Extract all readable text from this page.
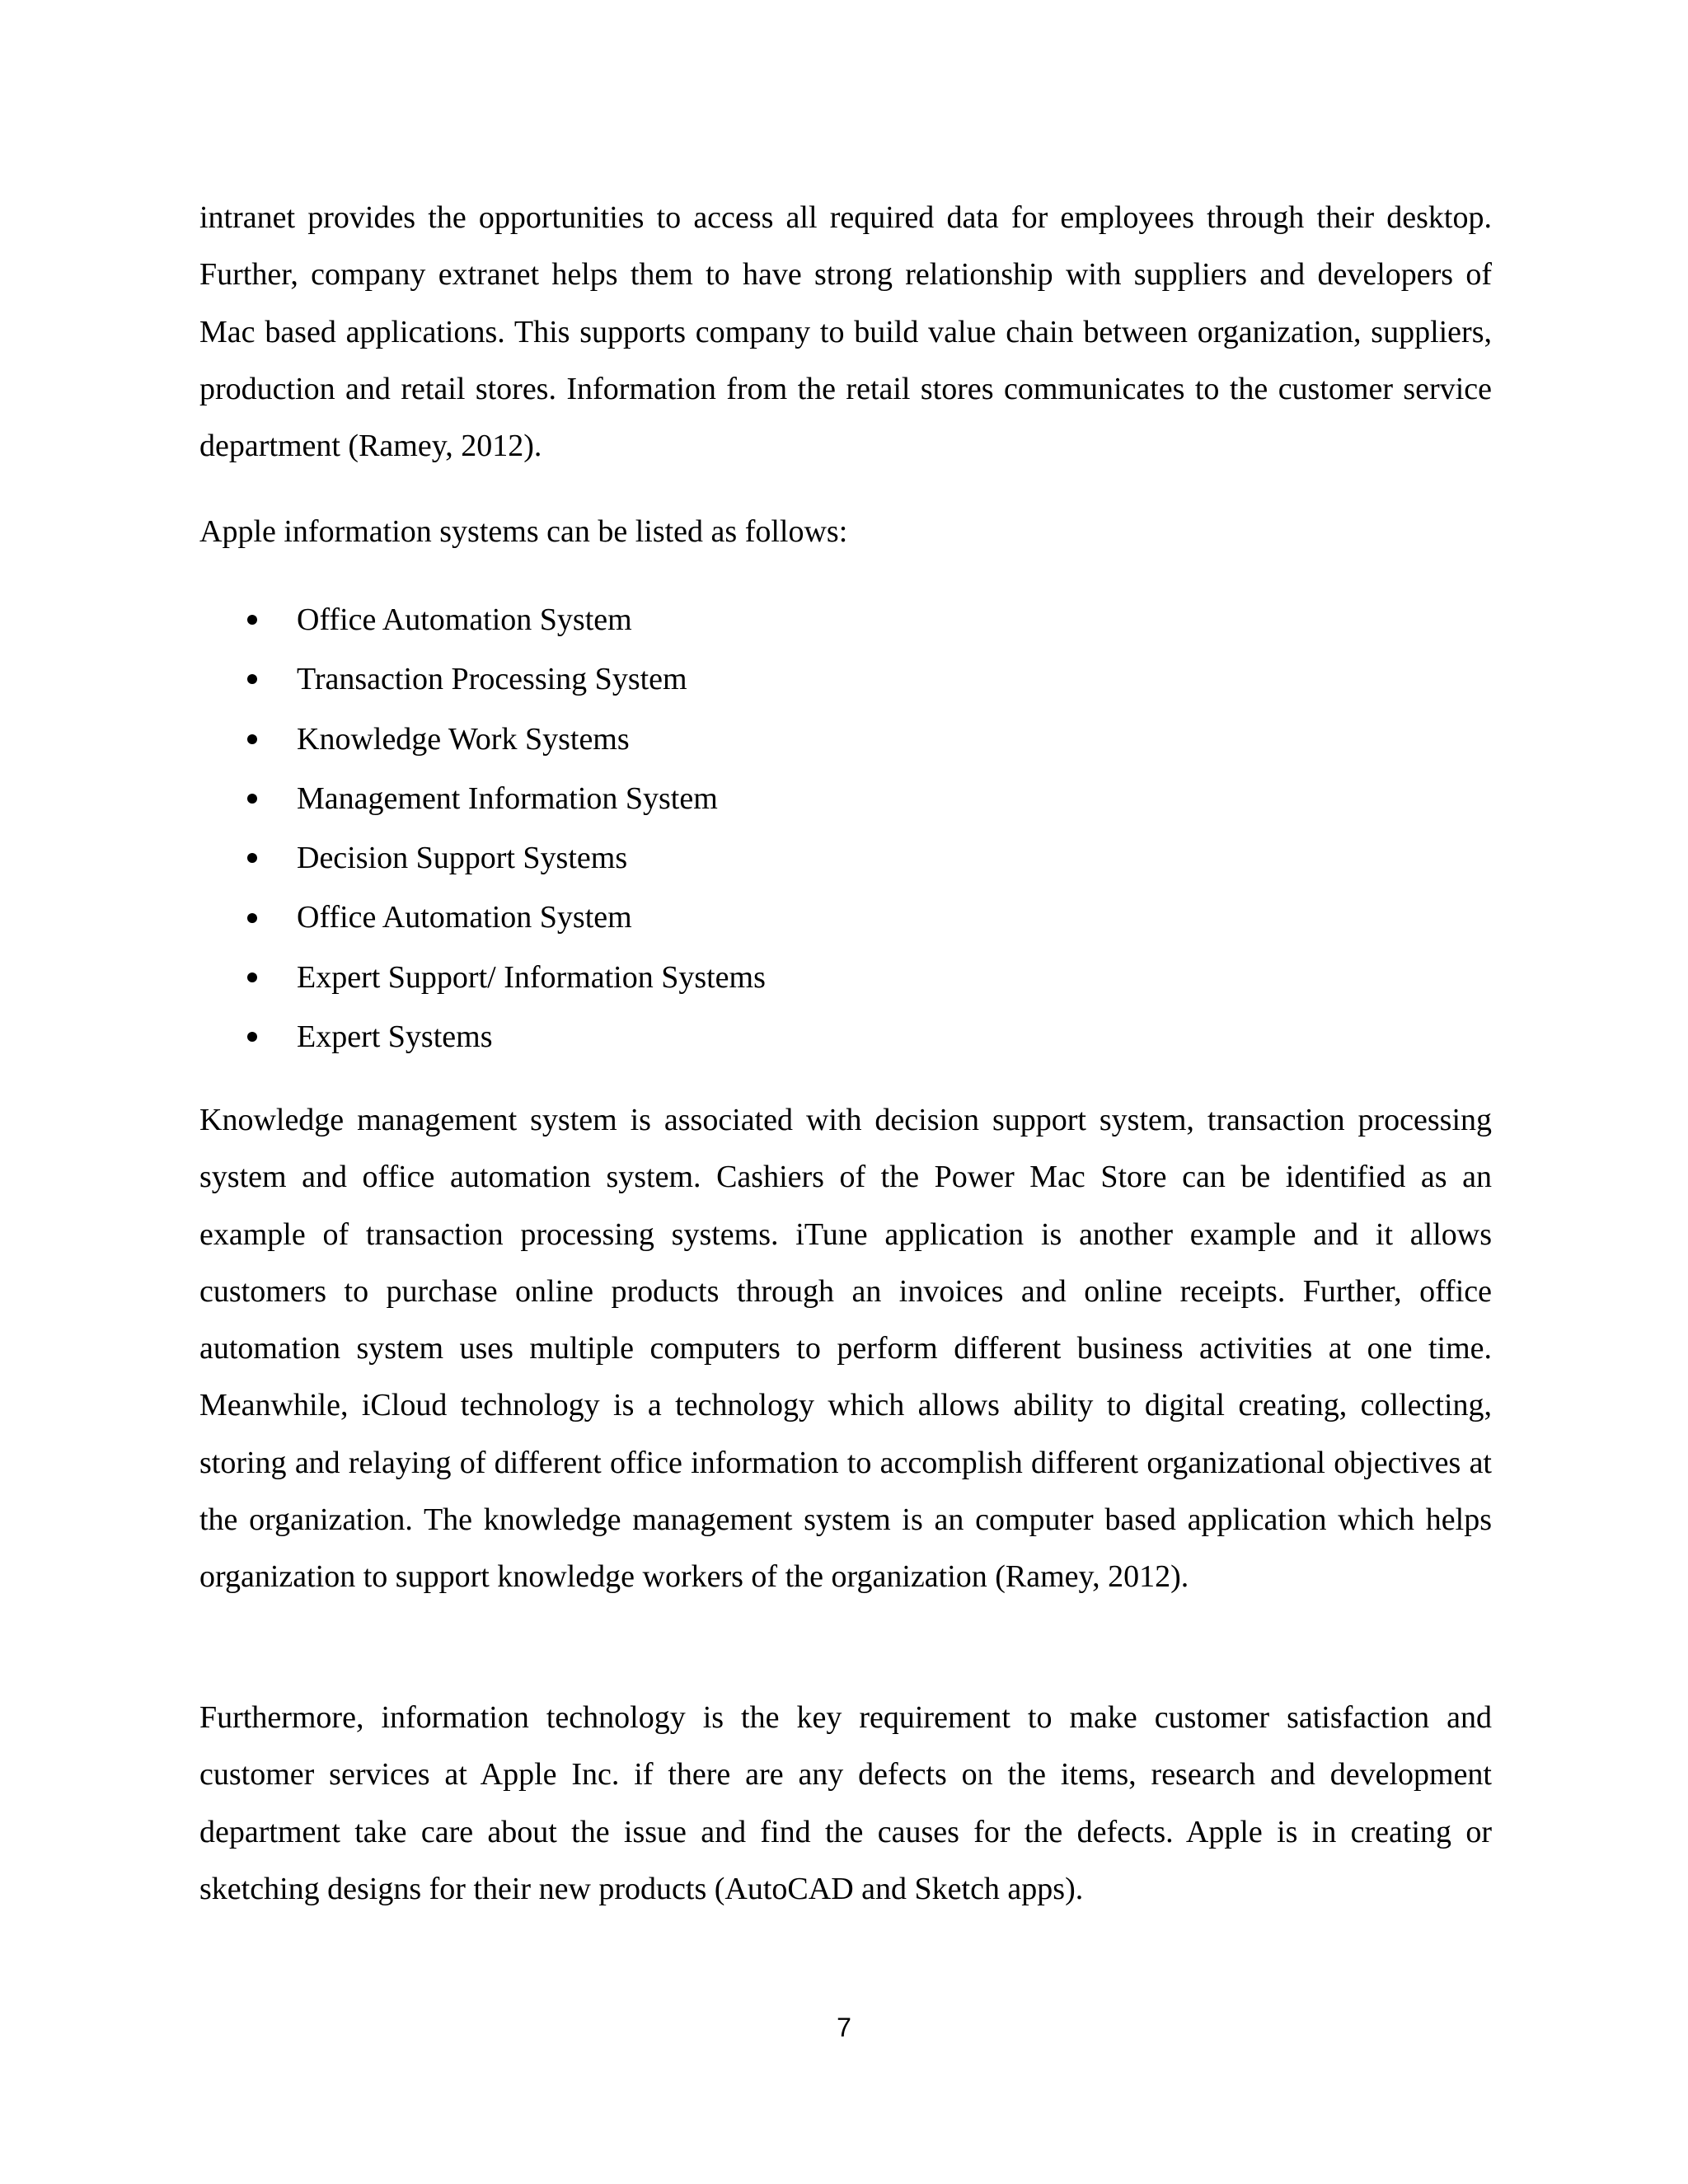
intranet provides the opportunities to access all required data for employees through their desktop. Further, company extranet helps them to have strong relationship with suppliers and developers of Mac based applications. This supports company to build value chain between organization, suppliers, production and retail stores. Information from the retail stores communicates to the customer service department (Ramey, 2012).

Apple information systems can be listed as follows:

Office Automation System
Transaction Processing System
Knowledge Work Systems
Management Information System
Decision Support Systems
Office Automation System
Expert Support/ Information Systems
Expert Systems

Knowledge management system is associated with decision support system, transaction processing system and office automation system. Cashiers of the Power Mac Store can be identified as an example of transaction processing systems. iTune application is another example and it allows customers to purchase online products through an invoices and online receipts. Further, office automation system uses multiple computers to perform different business activities at one time. Meanwhile, iCloud technology is a technology which allows ability to digital creating, collecting, storing and relaying of different office information to accomplish different organizational objectives at the organization. The knowledge management system is an computer based application which helps organization to support knowledge workers of the organization (Ramey, 2012).

Furthermore, information technology is the key requirement to make customer satisfaction and customer services at Apple Inc. if there are any defects on the items, research and development department take care about the issue and find the causes for the defects. Apple is in creating or sketching designs for their new products (AutoCAD and Sketch apps).

7
